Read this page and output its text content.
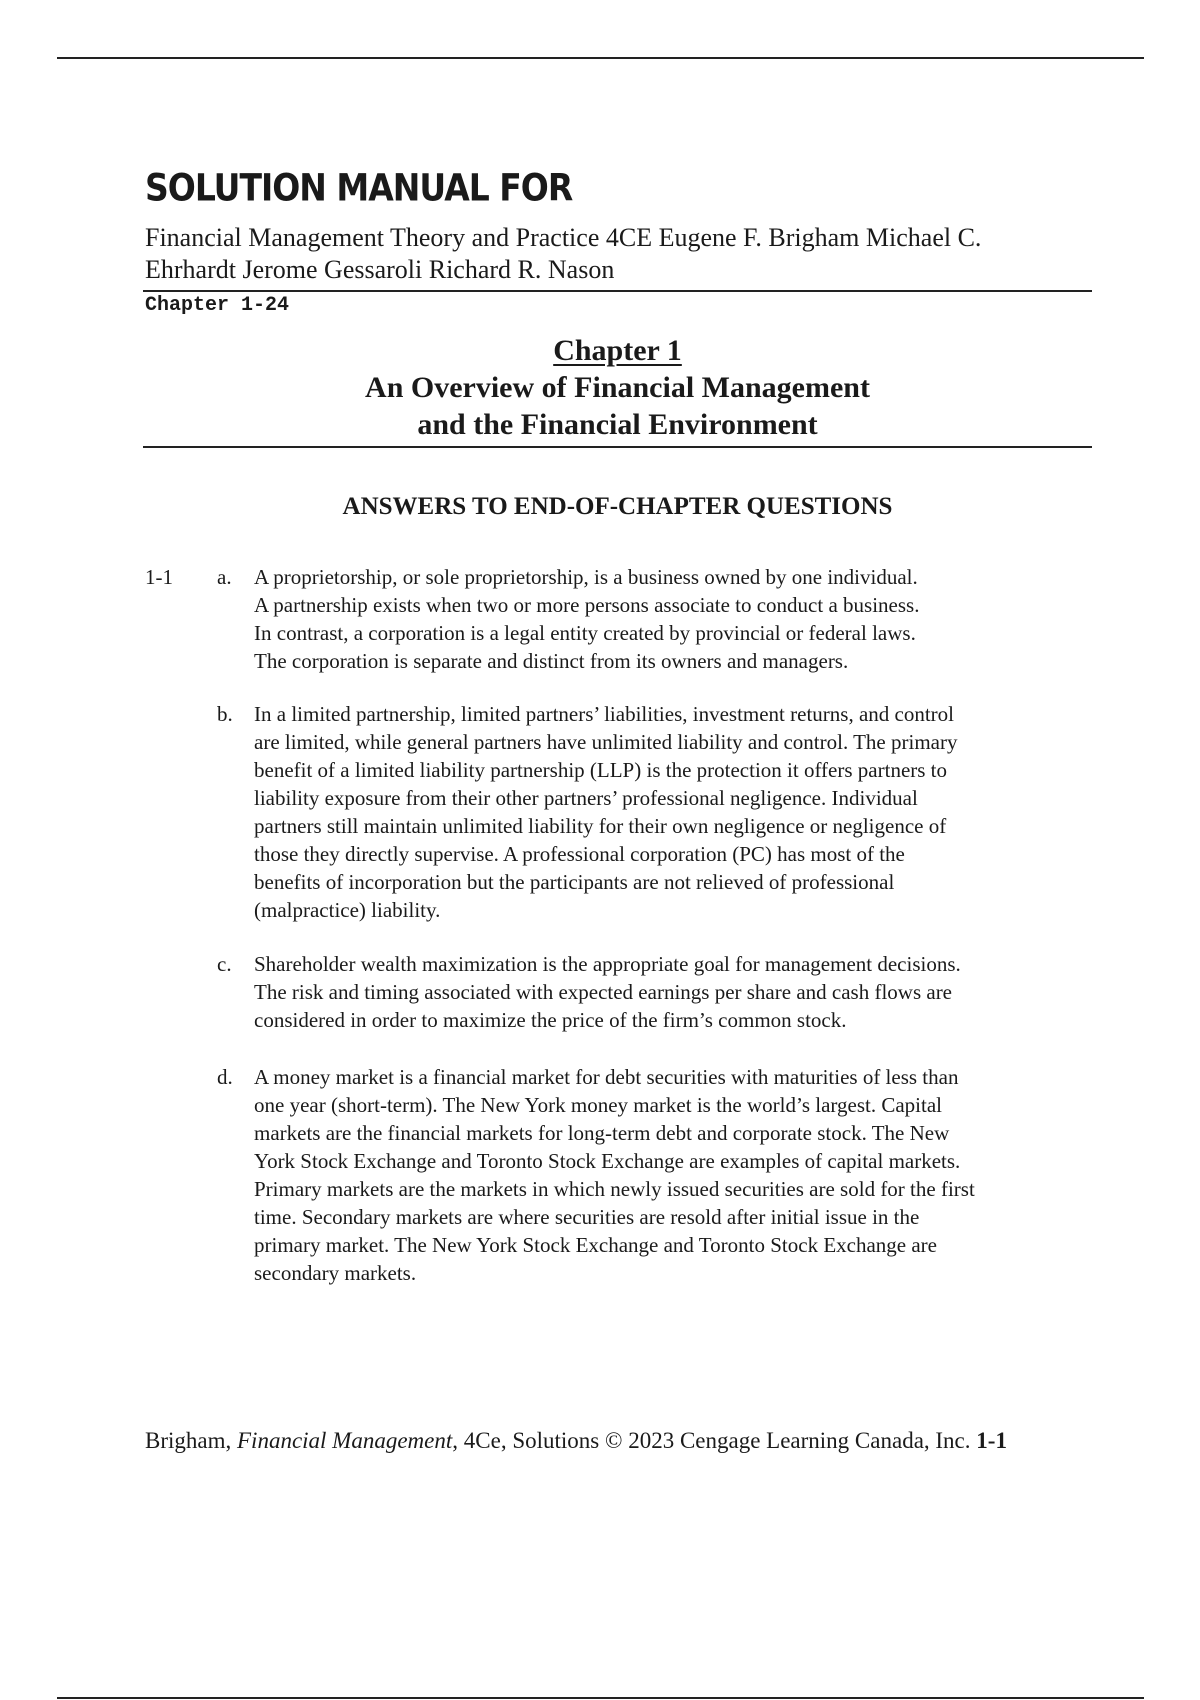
SOLUTION MANUAL FOR
Financial Management Theory and Practice 4CE Eugene F. Brigham Michael C.
Ehrhardt Jerome Gessaroli Richard R. Nason
Chapter 1-24
Chapter 1
An Overview of Financial Management
and the Financial Environment
ANSWERS TO END-OF-CHAPTER QUESTIONS
1-1 a. A proprietorship, or sole proprietorship, is a business owned by one individual.
A partnership exists when two or more persons associate to conduct a business.
In contrast, a corporation is a legal entity created by provincial or federal laws.
The corporation is separate and distinct from its owners and managers.
b. In a limited partnership, limited partners’ liabilities, investment returns, and control
are limited, while general partners have unlimited liability and control. The primary
benefit of a limited liability partnership (LLP) is the protection it offers partners to
liability exposure from their other partners’ professional negligence. Individual
partners still maintain unlimited liability for their own negligence or negligence of
those they directly supervise. A professional corporation (PC) has most of the
benefits of incorporation but the participants are not relieved of professional
(malpractice) liability.
c. Shareholder wealth maximization is the appropriate goal for management decisions.
The risk and timing associated with expected earnings per share and cash flows are
considered in order to maximize the price of the firm’s common stock.
d. A money market is a financial market for debt securities with maturities of less than
one year (short-term). The New York money market is the world’s largest. Capital
markets are the financial markets for long-term debt and corporate stock. The New
York Stock Exchange and Toronto Stock Exchange are examples of capital markets.
Primary markets are the markets in which newly issued securities are sold for the first
time. Secondary markets are where securities are resold after initial issue in the
primary market. The New York Stock Exchange and Toronto Stock Exchange are
secondary markets.
Brigham, Financial Management, 4Ce, Solutions © 2023 Cengage Learning Canada, Inc. 1-1
